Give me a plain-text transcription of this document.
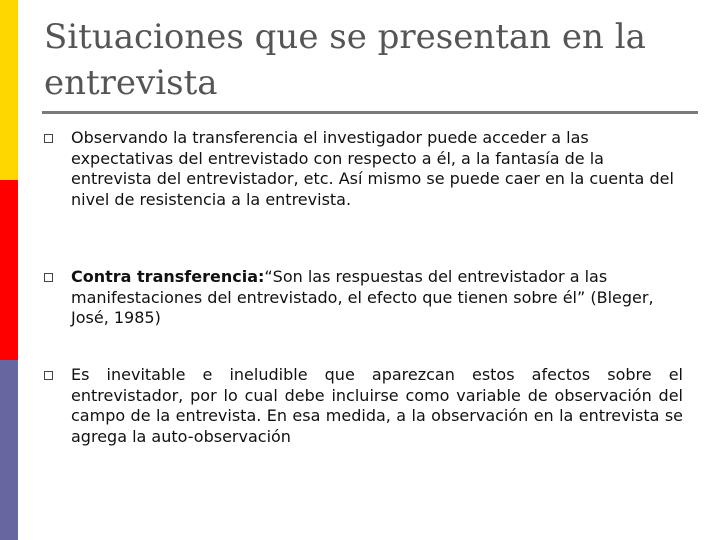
Situaciones que se presentan en la entrevista
Observando la transferencia el investigador puede acceder a las expectativas del entrevistado con respecto a él, a la fantasía de la entrevista del entrevistador, etc. Así mismo se puede caer en la cuenta del nivel de resistencia a la entrevista.
Contra transferencia:“Son las respuestas del entrevistador a las manifestaciones del entrevistado, el efecto que tienen sobre él” (Bleger, José, 1985)
Es inevitable e ineludible que aparezcan estos afectos sobre el entrevistador, por lo cual debe incluirse como variable de observación del campo de la entrevista. En esa medida, a la observación en la entrevista se agrega la auto-observación
